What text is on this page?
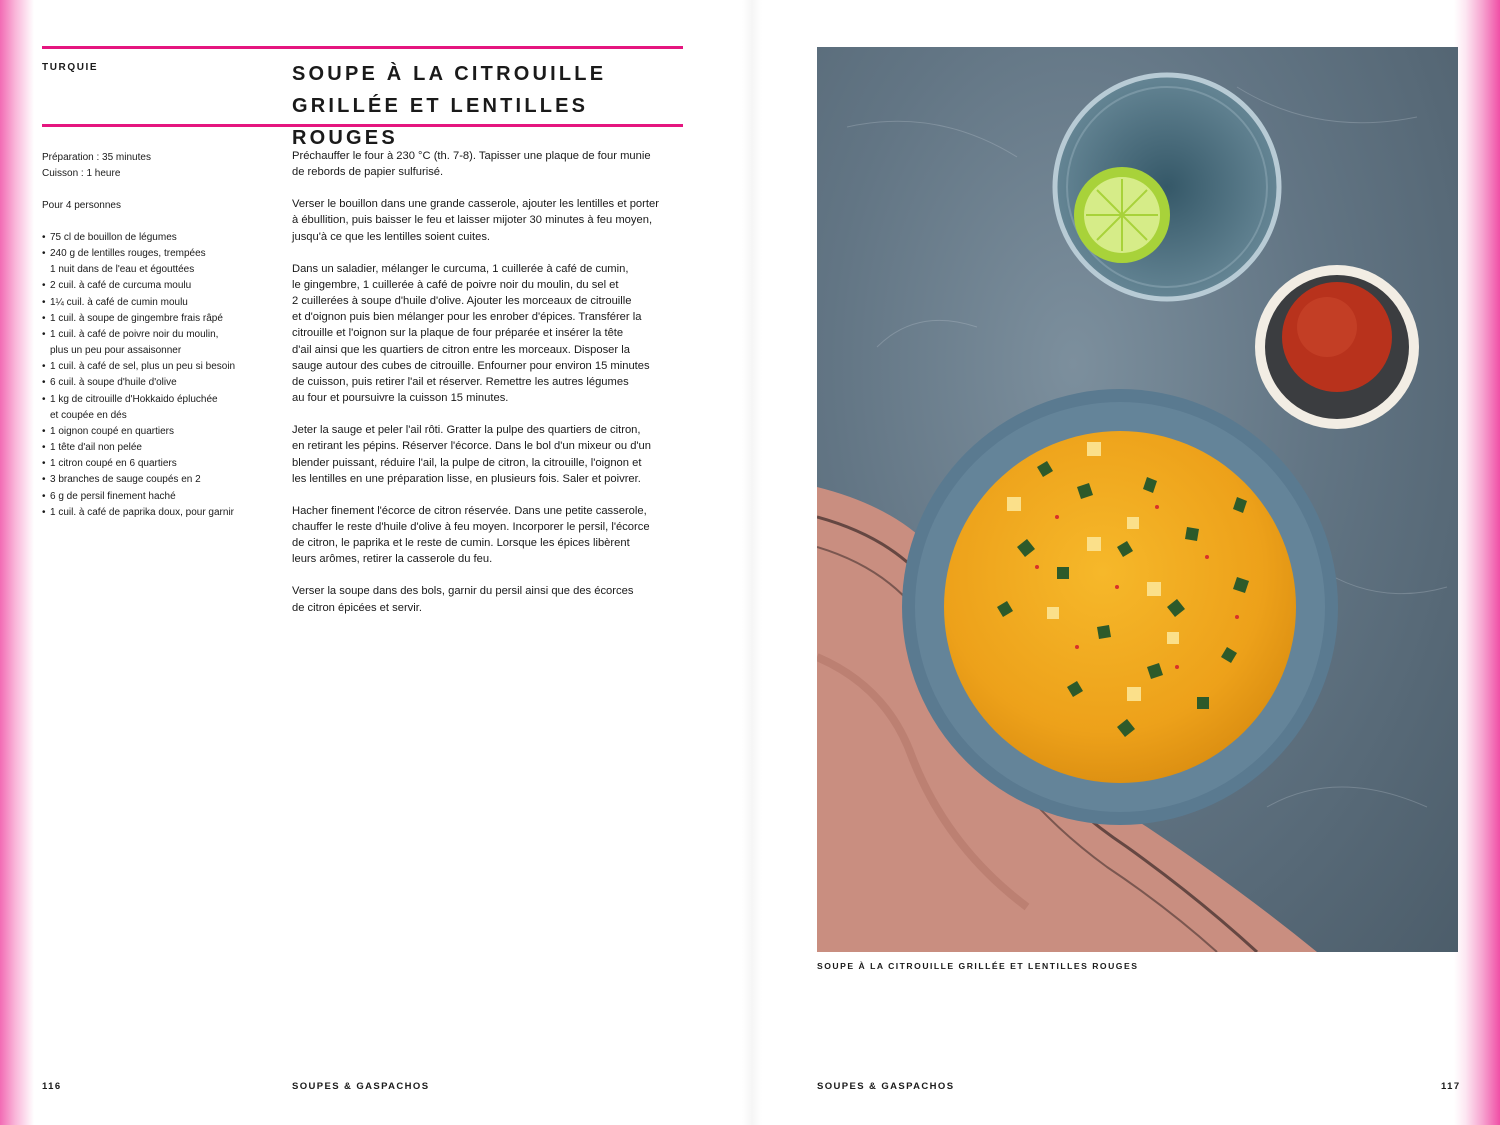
TURQUIE	SOUPE À LA CITROUILLE
GRILLÉE ET LENTILLES ROUGES
Préparation : 35 minutes
Cuisson : 1 heure
Pour 4 personnes
• 75 cl de bouillon de légumes
• 240 g de lentilles rouges, trempées
1 nuit dans de l'eau et égouttées
• 2 cuil. à café de curcuma moulu
• 1¼ cuil. à café de cumin moulu
• 1 cuil. à soupe de gingembre frais râpé
• 1 cuil. à café de poivre noir du moulin,
plus un peu pour assaisonner
• 1 cuil. à café de sel, plus un peu si besoin
• 6 cuil. à soupe d'huile d'olive
• 1 kg de citrouille d'Hokkaido épluchée
et coupée en dés
• 1 oignon coupé en quartiers
• 1 tête d'ail non pelée
• 1 citron coupé en 6 quartiers
• 3 branches de sauge coupés en 2
• 6 g de persil finement haché
• 1 cuil. à café de paprika doux, pour garnir

Préchauffer le four à 230 °C (th. 7-8). Tapisser une plaque de four munie
de rebords de papier sulfurisé.

Verser le bouillon dans une grande casserole, ajouter les lentilles et porter
à ébullition, puis baisser le feu et laisser mijoter 30 minutes à feu moyen,
jusqu'à ce que les lentilles soient cuites.

Dans un saladier, mélanger le curcuma, 1 cuillerée à café de cumin,
le gingembre, 1 cuillerée à café de poivre noir du moulin, du sel et
2 cuillerées à soupe d'huile d'olive. Ajouter les morceaux de citrouille
et d'oignon puis bien mélanger pour les enrober d'épices. Transférer la
citrouille et l'oignon sur la plaque de four préparée et insérer la tête
d'ail ainsi que les quartiers de citron entre les morceaux. Disposer la
sauge autour des cubes de citrouille. Enfourner pour environ 15 minutes
de cuisson, puis retirer l'ail et réserver. Remettre les autres légumes
au four et poursuivre la cuisson 15 minutes.

Jeter la sauge et peler l'ail rôti. Gratter la pulpe des quartiers de citron,
en retirant les pépins. Réserver l'écorce. Dans le bol d'un mixeur ou d'un
blender puissant, réduire l'ail, la pulpe de citron, la citrouille, l'oignon et
les lentilles en une préparation lisse, en plusieurs fois. Saler et poivrer.

Hacher finement l'écorce de citron réservée. Dans une petite casserole,
chauffer le reste d'huile d'olive à feu moyen. Incorporer le persil, l'écorce
de citron, le paprika et le reste de cumin. Lorsque les épices libèrent
leurs arômes, retirer la casserole du feu.

Verser la soupe dans des bols, garnir du persil ainsi que des écorces
de citron épicées et servir.

116	SOUPES & GASPACHOS
SOUPE À LA CITROUILLE GRILLÉE ET LENTILLES ROUGES
SOUPES & GASPACHOS	117
